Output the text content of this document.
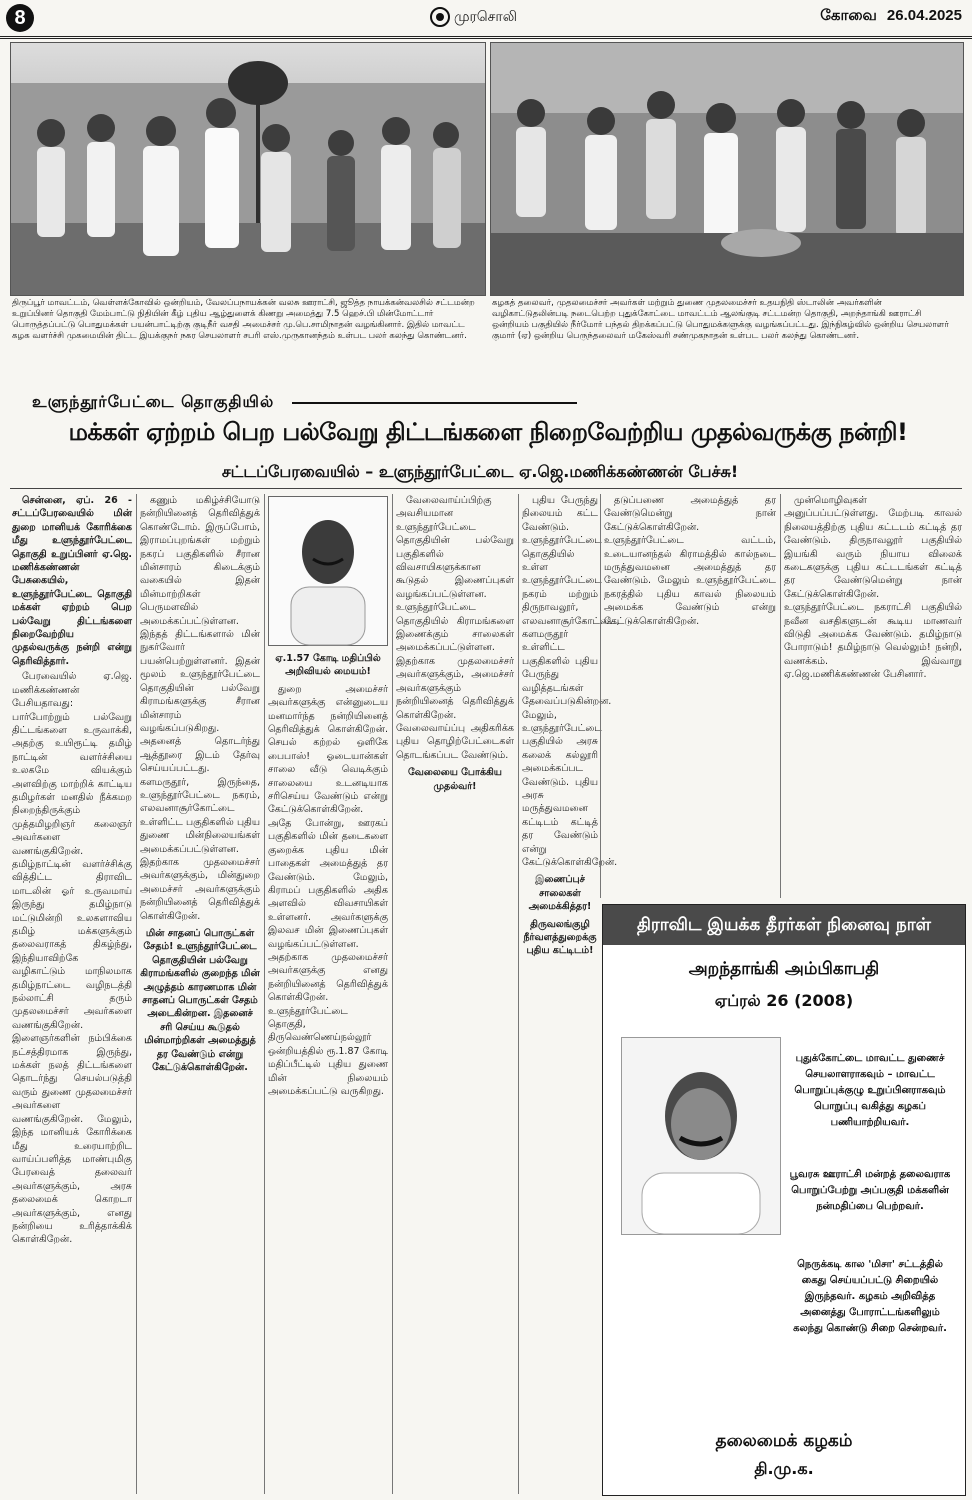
8	முரசொலி	கோவை 26.04.2025
திருப்பூர் மாவட்டம், வெள்ளக்கோவில் ஒன்றியம், வேலப்பநாயக்கன் வலசு ஊராட்சி, ஜூத்த நாயக்கன்வலசில் சட்டமன்ற உறுப்பினர் தொகுதி மேம்பாட்டு நிதியின் கீழ் புதிய ஆழ்துளைக் கிணறு அமைத்து 7.5 ஹெச்.பி மின்மோட்டார் பொருத்தப்பட்டு பொதுமக்கள் பயன்பாட்டிற்கு குடிநீர் வசதி அமைச்சர் மு.பெ.சாமிநாதன் வழங்கினார். இதில் மாவட்ட கழக வளர்ச்சி முகமையின் திட்ட இயக்குநர் நகர செயலாளர் சபரி எஸ்.முருகானந்தம் உள்பட பலர் கலந்து கொண்டனர்.
கழகத் தலைவர், முதலமைச்சர் அவர்கள் மற்றும் துணை முதலமைச்சர் உதயநிதி ஸ்டாலின் அவர்களின் வழிகாட்டுதலின்படி நடைபெற்ற புதுக்கோட்டை மாவட்டம் ஆலங்குடி சட்டமன்ற தொகுதி, அறந்தாங்கி ஊராட்சி ஒன்றியம் பகுதியில் நீர்மோர் பந்தல் திறக்கப்பட்டு பொதுமக்களுக்கு வழங்கப்பட்டது. இந்நிகழ்வில் ஒன்றிய செயலாளர் குமார் (ஏ) ஒன்றிய பெருந்தலைவர் மகேஸ்வரி சண்முகநாதன் உள்பட பலர் கலந்து கொண்டனர்.
உளுந்தூர்பேட்டை தொகுதியில்
மக்கள் ஏற்றம் பெற பல்வேறு திட்டங்களை நிறைவேற்றிய முதல்வருக்கு நன்றி!
சட்டப்பேரவையில் – உளுந்தூர்பேட்டை ஏ.ஜெ.மணிக்கண்ணன் பேச்சு!

சென்னை, ஏப். 26 - சட்டப்பேரவையில் மின் துறை மானியக் கோரிக்கை மீது உளுந்தூர்பேட்டை தொகுதி உறுப்பினர் ஏ.ஜெ. மணிக்கண்ணன் பேசுகையில், உளுந்தூர்பேட்டை தொகுதி மக்கள் ஏற்றம் பெற பல்வேறு திட்டங்களை நிறைவேற்றிய முதல்வருக்கு நன்றி என்று தெரிவித்தார்.

பேரவையில் ஏ.ஜெ. மணிக்கண்ணன் பேசியதாவது: பார்போற்றும் பல்வேறு திட்டங்களை உருவாக்கி, அதற்கு உயிரூட்டி தமிழ் நாட்டின் வளர்ச்சியை உலகமே வியக்கும் அளவிற்கு மாற்றிக் காட்டிய தமிழர்கள் மனதில் நீக்கமற நிறைந்திருக்கும் முத்தமிழறிஞர் கலைஞர் அவர்களை வணங்குகிறேன். தமிழ்நாட்டின் வளர்ச்சிக்கு வித்திட்ட திராவிட மாடலின் ஓர் உருவமாய் இருந்து தமிழ்நாடு மட்டுமின்றி உலகளாவிய தமிழ் மக்களுக்கும் தலைவராகத் திகழ்ந்து, இந்தியாவிற்கே வழிகாட்டும் மாநிலமாக தமிழ்நாட்டை வழிநடத்தி நல்லாட்சி தரும் முதலமைச்சர் அவர்களை வணங்குகிறேன். இளைஞர்களின் நம்பிக்கை நட்சத்திரமாக இருந்து, மக்கள் நலத் திட்டங்களை தொடர்ந்து செயல்படுத்தி வரும் துணை முதலமைச்சர் அவர்களை வணங்குகிறேன். மேலும், இந்த மானியக் கோரிக்கை மீது உரையாற்றிட வாய்ப்பளித்த மாண்புமிகு பேரவைத் தலைவர் அவர்களுக்கும், அரசு தலைமைக் கொறடா அவர்களுக்கும், எனது நன்றியை உரித்தாக்கிக் கொள்கிறேன்.

கணும் மகிழ்ச்சியோடு நன்றியினைத் தெரிவித்துக் கொண்டோம். இருப்போம், இராமப்புறங்கள் மற்றும் நகரப் பகுதிகளில் சீரான மின்சாரம் கிடைக்கும் வகையில் இதன் மின்மாற்றிகள் பெருமளவில் அமைக்கப்பட்டுள்ளன. இந்தத் திட்டங்களால் மின் நுகர்வோர் பயன்பெற்றுள்ளனர். இதன் மூலம் உளுந்தூர்பேட்டை தொகுதியின் பல்வேறு கிராமங்களுக்கு சீரான மின்சாரம் வழங்கப்படுகிறது. அதனைத் தொடர்ந்து ஆத்தூரை இடம் தேர்வு செய்யப்பட்டது. களமருதூர், இருந்தை, உளுந்தூர்பேட்டை நகரம், எலவனாசூர்கோட்டை உள்ளிட்ட பகுதிகளில் புதிய துணை மின்நிலையங்கள் அமைக்கப்பட்டுள்ளன. இதற்காக முதலமைச்சர் அவர்களுக்கும், மின்துறை அமைச்சர் அவர்களுக்கும் நன்றியினைத் தெரிவித்துக் கொள்கிறேன்.

மின் சாதனப் பொருட்கள் சேதம்! உளுந்தூர்பேட்டை தொகுதியின் பல்வேறு கிராமங்களில் குறைந்த மின் அழுத்தம் காரணமாக மின் சாதனப் பொருட்கள் சேதம் அடைகின்றன. இதனைச் சரி செய்ய கூடுதல் மின்மாற்றிகள் அமைத்துத் தர வேண்டும் என்று கேட்டுக்கொள்கிறேன்.

ஏ.1.57 கோடி மதிப்பில் அறிவியல் மையம்!

துறை அமைச்சர் அவர்களுக்கு என்னுடைய மனமார்ந்த நன்றியினைத் தெரிவித்துக் கொள்கிறேன். செயல் கற்றல் ஒளிகே பைபாஸ்! ஓடையான்கள் சாலை வீடு வெடிக்கும் சாலையை உடனடியாக சரிசெய்ய வேண்டும் என்று கேட்டுக்கொள்கிறேன். அதே போன்று, ஊரகப் பகுதிகளில் மின் தடைகளை குறைக்க புதிய மின் பாதைகள் அமைத்துத் தர வேண்டும். மேலும், கிராமப் பகுதிகளில் அதிக அளவில் விவசாயிகள் உள்ளனர். அவர்களுக்கு இலவச மின் இணைப்புகள் வழங்கப்பட்டுள்ளன. அதற்காக முதலமைச்சர் அவர்களுக்கு எனது நன்றியினைத் தெரிவித்துக் கொள்கிறேன். உளுந்தூர்பேட்டை தொகுதி, திருவெண்ணெய்நல்லூர் ஒன்றியத்தில் ரூ.1.87 கோடி மதிப்பீட்டில் புதிய துணை மின் நிலையம் அமைக்கப்பட்டு வருகிறது.

வேலைவாய்ப்பிற்கு அவசியமான உளுந்தூர்பேட்டை தொகுதியின் பல்வேறு பகுதிகளில் விவசாயிகளுக்கான கூடுதல் இணைப்புகள் வழங்கப்பட்டுள்ளன. உளுந்தூர்பேட்டை தொகுதியில் கிராமங்களை இணைக்கும் சாலைகள் அமைக்கப்பட்டுள்ளன. இதற்காக முதலமைச்சர் அவர்களுக்கும், அமைச்சர் அவர்களுக்கும் நன்றியினைத் தெரிவித்துக் கொள்கிறேன். வேலைவாய்ப்பு அதிகரிக்க புதிய தொழிற்பேட்டைகள் தொடங்கப்பட வேண்டும்.

வேலையை போக்கிய முதல்வர்!

புதிய பேருந்து நிலையம் கட்ட வேண்டும். உளுந்தூர்பேட்டை தொகுதியில் உள்ள உளுந்தூர்பேட்டை நகரம் மற்றும் திருநாவலூர், எலவனாசூர்கோட்டை, களமருதூர் உள்ளிட்ட பகுதிகளில் புதிய பேருந்து வழித்தடங்கள் தேவைப்படுகின்றன. மேலும், உளுந்தூர்பேட்டை பகுதியில் அரசு கலைக் கல்லூரி அமைக்கப்பட வேண்டும். புதிய அரசு மருத்துவமனை கட்டிடம் கட்டித் தர வேண்டும் என்று கேட்டுக்கொள்கிறேன்.

இணைப்புச் சாலைகள் அமைக்கித்தர!

திருவலங்குழி நீர்வளத்துறைக்கு புதிய கட்டிடம்!

தடுப்பணை அமைத்துத் தர வேண்டுமென்று நான் கேட்டுக்கொள்கிறேன். உளுந்தூர்பேட்டை வட்டம், உடையானந்தல் கிராமத்தில் கால்நடை மருத்துவமனை அமைத்துத் தர வேண்டும். மேலும் உளுந்தூர்பேட்டை நகரத்தில் புதிய காவல் நிலையம் அமைக்க வேண்டும் என்று கேட்டுக்கொள்கிறேன்.

முன்மொழிவுகள் அனுப்பப்பட்டுள்ளது. மேற்படி காவல் நிலையத்திற்கு புதிய கட்டடம் கட்டித் தர வேண்டும். திருநாவலூர் பகுதியில் இயங்கி வரும் நியாய விலைக் கடைகளுக்கு புதிய கட்டடங்கள் கட்டித் தர வேண்டுமென்று நான் கேட்டுக்கொள்கிறேன். உளுந்தூர்பேட்டை நகராட்சி பகுதியில் நவீன வசதிகளுடன் கூடிய மாணவர் விடுதி அமைக்க வேண்டும். தமிழ்நாடு போராடும்! தமிழ்நாடு வெல்லும்! நன்றி, வணக்கம். இவ்வாறு ஏ.ஜெ.மணிக்கண்ணன் பேசினார்.

திராவிட இயக்க தீரர்கள் நினைவு நாள்
அறந்தாங்கி அம்பிகாபதி
ஏப்ரல் 26 (2008)
புதுக்கோட்டை மாவட்ட துணைச் செயலாளராகவும் – மாவட்ட பொறுப்புக்குழு உறுப்பினராகவும் பொறுப்பு வகித்து கழகப் பணியாற்றியவர்.
பூவரசு ஊராட்சி மன்றத் தலைவராக பொறுப்பேற்று அப்பகுதி மக்களின் நன்மதிப்பை பெற்றவர்.
நெருக்கடி கால 'மிசா' சட்டத்தில் கைது செய்யப்பட்டு சிறையில் இருந்தவர். கழகம் அறிவித்த அனைத்து போராட்டங்களிலும் கலந்து கொண்டு சிறை சென்றவர்.
தலைமைக் கழகம்
தி.மு.க.
